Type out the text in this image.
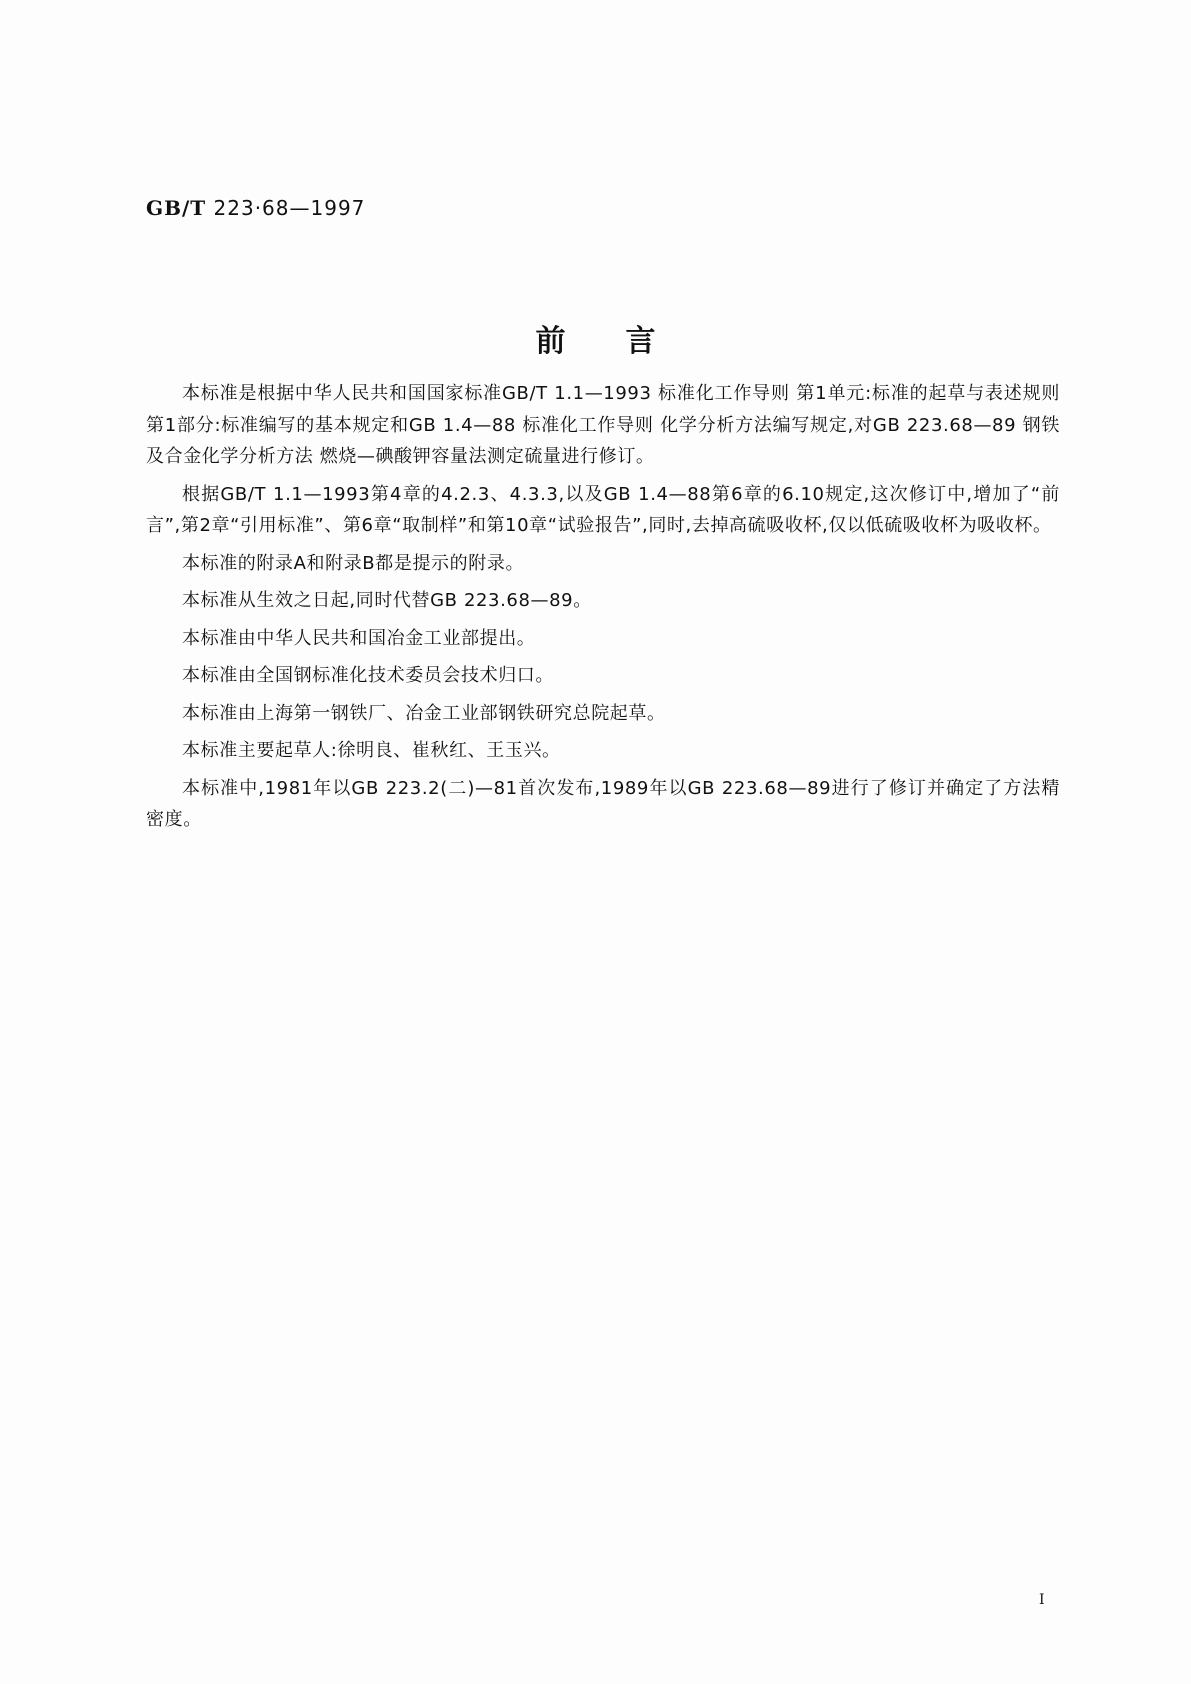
GB/T 223·68—1997
前言

本标准是根据中华人民共和国国家标准GB/T 1.1—1993 标准化工作导则 第1单元:标准的起草与表述规则 第1部分:标准编写的基本规定和GB 1.4—88 标准化工作导则 化学分析方法编写规定,对GB 223.68—89 钢铁及合金化学分析方法 燃烧—碘酸钾容量法测定硫量进行修订。

根据GB/T 1.1—1993第4章的4.2.3、4.3.3,以及GB 1.4—88第6章的6.10规定,这次修订中,增加了“前言”,第2章“引用标准”、第6章“取制样”和第10章“试验报告”,同时,去掉高硫吸收杯,仅以低硫吸收杯为吸收杯。

本标准的附录A和附录B都是提示的附录。

本标准从生效之日起,同时代替GB 223.68—89。

本标准由中华人民共和国冶金工业部提出。

本标准由全国钢标准化技术委员会技术归口。

本标准由上海第一钢铁厂、冶金工业部钢铁研究总院起草。

本标准主要起草人:徐明良、崔秋红、王玉兴。

本标准中,1981年以GB 223.2(二)—81首次发布,1989年以GB 223.68—89进行了修订并确定了方法精密度。

I
